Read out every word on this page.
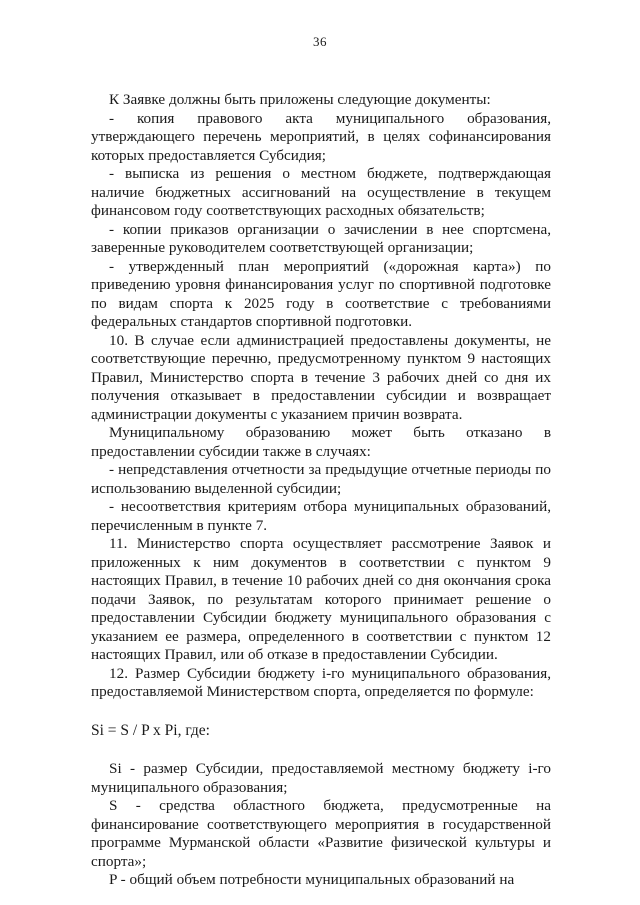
36

К Заявке должны быть приложены следующие документы:

- копия правового акта муниципального образования, утверждающего перечень мероприятий, в целях софинансирования которых предоставляется Субсидия;

- выписка из решения о местном бюджете, подтверждающая наличие бюджетных ассигнований на осуществление в текущем финансовом году соответствующих расходных обязательств;

- копии приказов организации о зачислении в нее спортсмена, заверенные руководителем соответствующей организации;

- утвержденный план мероприятий («дорожная карта») по приведению уровня финансирования услуг по спортивной подготовке по видам спорта к 2025 году в соответствие с требованиями федеральных стандартов спортивной подготовки.

10. В случае если администрацией предоставлены документы, не соответствующие перечню, предусмотренному пунктом 9 настоящих Правил, Министерство спорта в течение 3 рабочих дней со дня их получения отказывает в предоставлении субсидии и возвращает администрации документы с указанием причин возврата.

Муниципальному образованию может быть отказано в предоставлении субсидии также в случаях:

- непредставления отчетности за предыдущие отчетные периоды по использованию выделенной субсидии;

- несоответствия критериям отбора муниципальных образований, перечисленным в пункте 7.

11. Министерство спорта осуществляет рассмотрение Заявок и приложенных к ним документов в соответствии с пунктом 9 настоящих Правил, в течение 10 рабочих дней со дня окончания срока подачи Заявок, по результатам которого принимает решение о предоставлении Субсидии бюджету муниципального образования с указанием ее размера, определенного в соответствии с пунктом 12 настоящих Правил, или об отказе в предоставлении Субсидии.

12. Размер Субсидии бюджету i-го муниципального образования, предоставляемой Министерством спорта, определяется по формуле:

Si = S / P x Pi, где:

Si - размер Субсидии, предоставляемой местному бюджету i-го муниципального образования;

S - средства областного бюджета, предусмотренные на финансирование соответствующего мероприятия в государственной программе Мурманской области «Развитие физической культуры и спорта»;

P - общий объем потребности муниципальных образований на
